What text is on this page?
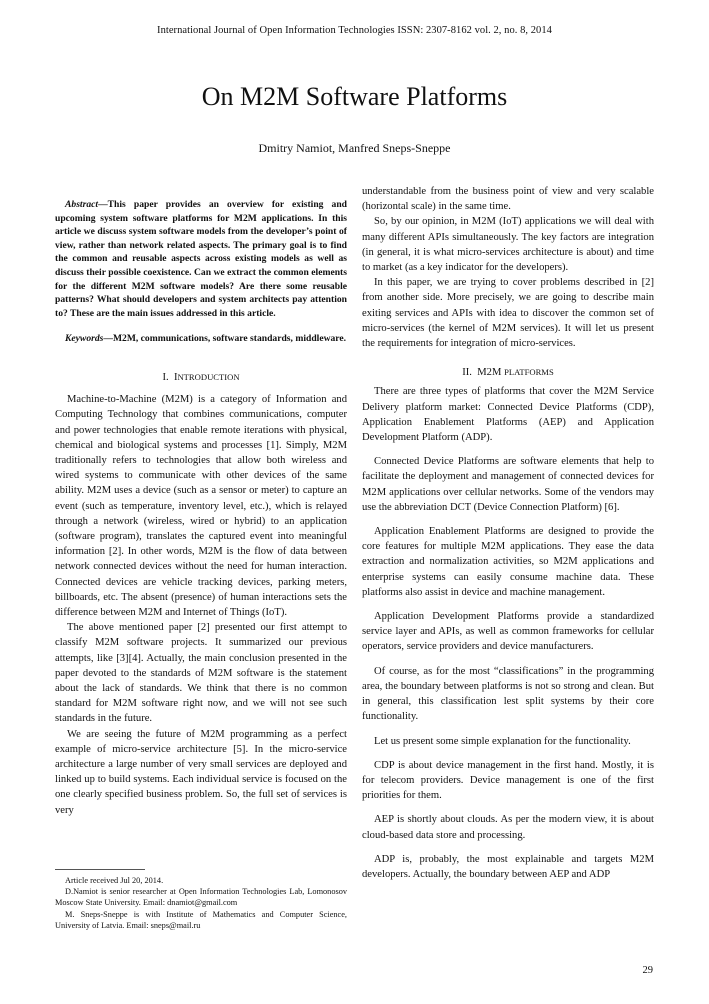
International Journal of Open Information Technologies ISSN: 2307-8162 vol. 2, no. 8, 2014
On M2M Software Platforms
Dmitry Namiot, Manfred Sneps-Sneppe

Abstract—This paper provides an overview for existing and upcoming system software platforms for M2M applications. In this article we discuss system software models from the developer’s point of view, rather than network related aspects. The primary goal is to find the common and reusable aspects across existing models as well as discuss their possible coexistence. Can we extract the common elements for the different M2M software models? Are there some reusable patterns? What should developers and system architects pay attention to? These are the main issues addressed in this article.

Keywords—M2M, communications, software standards, middleware.

I. INTRODUCTION

Machine-to-Machine (M2M) is a category of Information and Computing Technology that combines communications, computer and power technologies that enable remote iterations with physical, chemical and biological systems and processes [1]. Simply, M2M traditionally refers to technologies that allow both wireless and wired systems to communicate with other devices of the same ability. M2M uses a device (such as a sensor or meter) to capture an event (such as temperature, inventory level, etc.), which is relayed through a network (wireless, wired or hybrid) to an application (software program), translates the captured event into meaningful information [2]. In other words, M2M is the flow of data between network connected devices without the need for human interaction. Connected devices are vehicle tracking devices, parking meters, billboards, etc. The absent (presence) of human interactions sets the difference between M2M and Internet of Things (IoT).

The above mentioned paper [2] presented our first attempt to classify M2M software projects. It summarized our previous attempts, like [3][4]. Actually, the main conclusion presented in the paper devoted to the standards of M2M software is the statement about the lack of standards. We think that there is no common standard for M2M software right now, and we will not see such standards in the future.

We are seeing the future of M2M programming as a perfect example of micro-service architecture [5]. In the micro-service architecture a large number of very small services are deployed and linked up to build systems. Each individual service is focused on the one clearly specified business problem. So, the full set of services is very

understandable from the business point of view and very scalable (horizontal scale) in the same time.

So, by our opinion, in M2M (IoT) applications we will deal with many different APIs simultaneously. The key factors are integration (in general, it is what micro-services architecture is about) and time to market (as a key indicator for the developers).

In this paper, we are trying to cover problems described in [2] from another side. More precisely, we are going to describe main exiting services and APIs with idea to discover the common set of micro-services (the kernel of M2M services). It will let us present the requirements for integration of micro-services.

II. M2M PLATFORMS

There are three types of platforms that cover the M2M Service Delivery platform market: Connected Device Platforms (CDP), Application Enablement Platforms (AEP) and Application Development Platform (ADP).

Connected Device Platforms are software elements that help to facilitate the deployment and management of connected devices for M2M applications over cellular networks. Some of the vendors may use the abbreviation DCT (Device Connection Platform) [6].

Application Enablement Platforms are designed to provide the core features for multiple M2M applications. They ease the data extraction and normalization activities, so M2M applications and enterprise systems can easily consume machine data. These platforms also assist in device and machine management.

Application Development Platforms provide a standardized service layer and APIs, as well as common frameworks for cellular operators, service providers and device manufacturers.

Of course, as for the most “classifications” in the programming area, the boundary between platforms is not so strong and clean. But in general, this classification lest split systems by their core functionality.

Let us present some simple explanation for the functionality.

CDP is about device management in the first hand. Mostly, it is for telecom providers. Device management is one of the first priorities for them.

AEP is shortly about clouds. As per the modern view, it is about cloud-based data store and processing.

ADP is, probably, the most explainable and targets M2M developers. Actually, the boundary between AEP and ADP

Article received Jul 20, 2014.

D.Namiot is senior researcher at Open Information Technologies Lab, Lomonosov Moscow State University. Email: dnamiot@gmail.com

M. Sneps-Sneppe is with Institute of Mathematics and Computer Science, University of Latvia. Email: sneps@mail.ru

29
